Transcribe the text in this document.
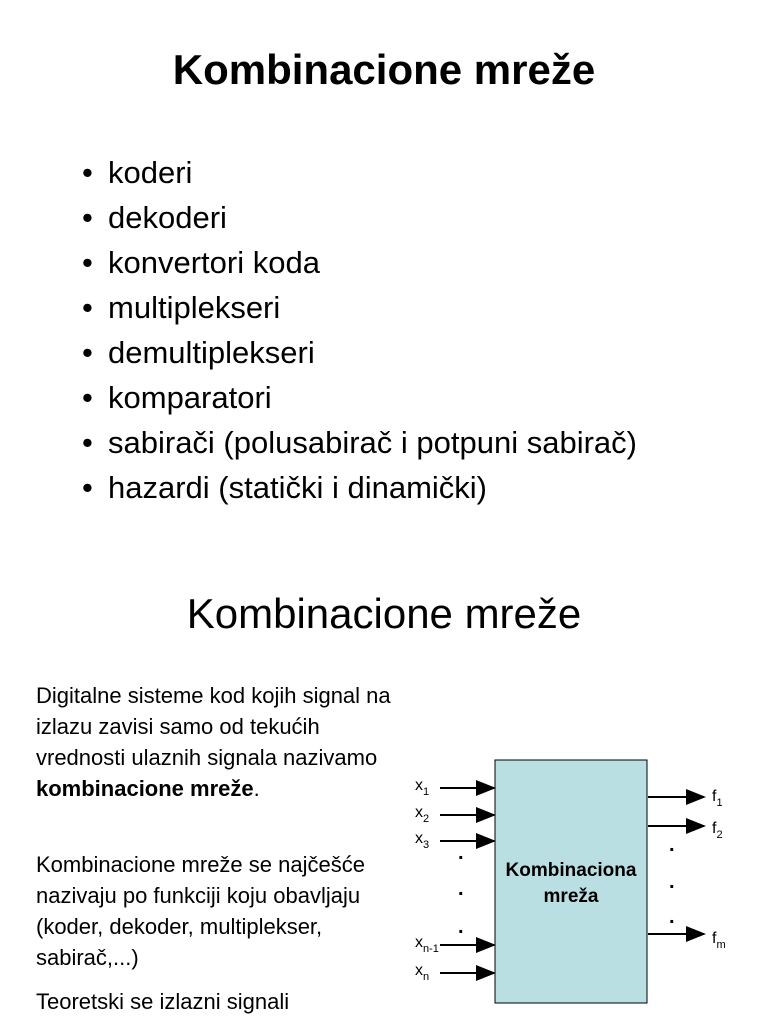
Kombinacione mreže
• koderi
• dekoderi
• konvertori koda
• multiplekseri
• demultiplekseri
• komparatori
• sabirači (polusabirač i potpuni sabirač)
• hazardi (statički i dinamički)
Kombinacione mreže

Digitalne sisteme kod kojih signal na izlazu zavisi samo od tekućih vrednosti ulaznih signala nazivamo kombinacione mreže.

Kombinacione mreže se najčešće nazivaju po funkciji koju obavljaju (koder, dekoder, multiplekser, sabirač,...)

Teoretski se izlazni signali

Kombinaciona
mreža
$x_1$
$x_2$
$x_3$
$x_{n-1}$
$x_n$
.
.
.
$f_1$
$f_2$
$f_m$
.
.
.
